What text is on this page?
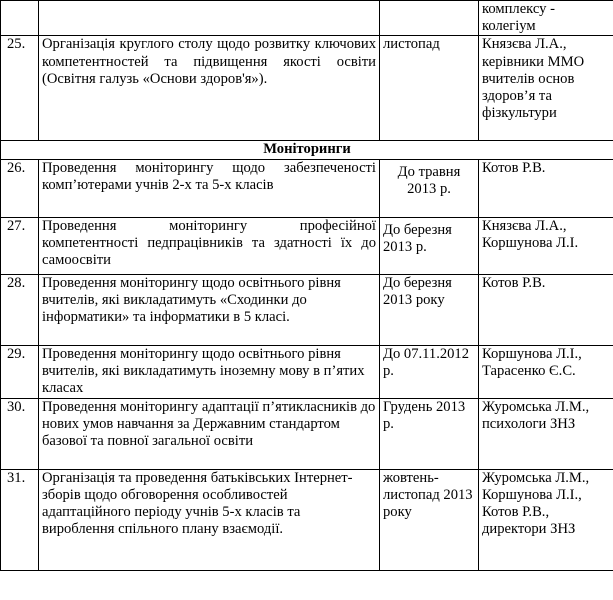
			комплексу - колегіум
25.	Організація круглого столу щодо розвитку ключових компетентностей та підвищення якості освіти (Освітня галузь «Основи здоров'я»).	листопад	Князєва Л.А., керівники ММО вчителів основ здоров’я та фізкультури
Моніторинги			
26.	Проведення моніторингу щодо забезпеченості комп’ютерами учнів 2-х та 5-х класів	До травня 2013 р.	Котов Р.В.
27.	Проведення моніторингу професійної компетентності педпрацівників та здатності їх до самоосвіти	До березня 2013 р.	Князєва Л.А., Коршунова Л.І.
28.	Проведення моніторингу щодо освітнього рівня вчителів, які викладатимуть «Сходинки до інформатики» та інформатики в 5 класі.	До березня 2013 року	Котов Р.В.
29.	Проведення моніторингу щодо освітнього рівня вчителів, які викладатимуть іноземну мову в п’ятих класах	До 07.11.2012 р.	Коршунова Л.І., Тарасенко Є.С.
30.	Проведення моніторингу адаптації п’ятикласників до нових умов навчання за Державним стандартом базової та повної загальної освіти	Грудень 2013 р.	Журомська Л.М., психологи ЗНЗ
31.	Організація та проведення батьківських Інтернет-зборів щодо обговорення особливостей адаптаційного періоду учнів 5-х класів та вироблення спільного плану взаємодії.	жовтень-листопад 2013 року	Журомська Л.М., Коршунова Л.І., Котов Р.В., директори ЗНЗ
